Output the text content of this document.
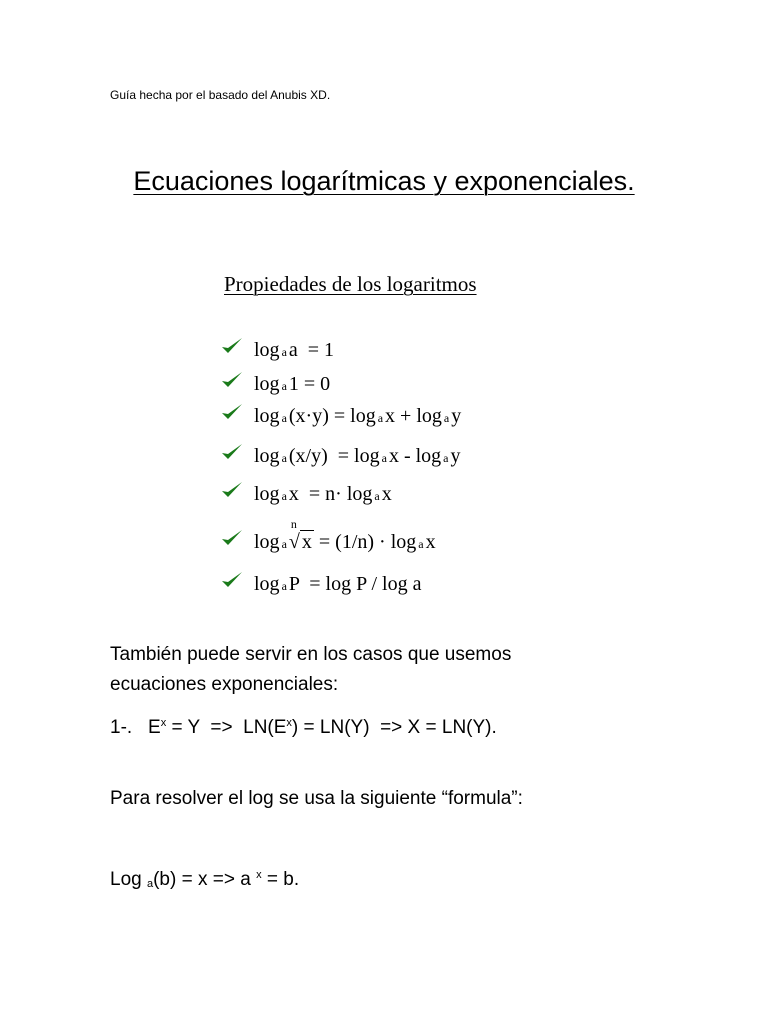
Guía hecha por el basado del Anubis XD.
Ecuaciones logarítmicas y exponenciales.
Propiedades de los logaritmos
log a a  = 1
log a 1 = 0
log a (x·y) = log a x + log a y
log a (x/y)  = log a x - log a y
log a x  = n· log a x
log a
n
√ x = (1/n) · log a x
log a P  = log P / log a
También puede servir en los casos que usemos
ecuaciones exponenciales:
1-.   $E^x = Y => LN(E^x) = LN(Y) => X = LN(Y)$.
Para resolver el log se usa la siguiente “formula”:
Log $_a$(b) = x => a $^x$ = b.
